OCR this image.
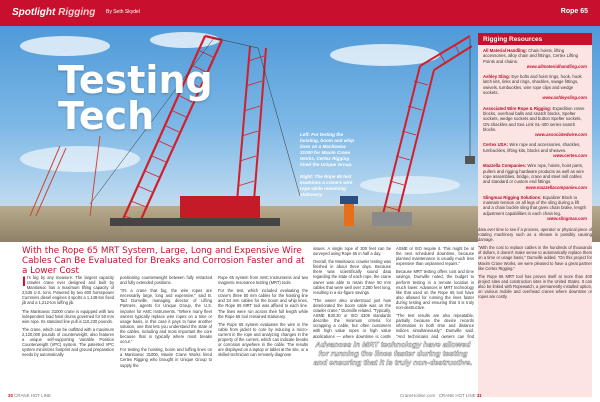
Spotlight Rigging By Seth Skydel	Rope 65
Testing
Tech	Left: For testing the hoisting, boom and whip lines on a Manitowoc 31000 for Maxim Crane Works, Certex Rigging hired the Unique Group.

Right: The Rope 65 test examines a crane's wire rope while remaining stationary.

Rigging Resources
All Material Handling: Chain hoists, lifting accessories, alloy chain and fittings, Certex Lifting Points and chains.
www.allmaterialhandling.com
Ashley Sling: Eye bolts and hoist rings, hook, hook latch kits, links and rings, shackles, swage fittings, swivels, turnbuckles, wire rope clips and wedge sockets.
www.ashleysling.com
Associated Wire Rope & Rigging: Expedition crane blocks, overhaul balls and snatch blocks, Spelter sockets, wedge sockets and button Spelter sockets, GN shackles and Sea Link SL-400 series snatch blocks.
www.associatedwire.com
Certex USA: Wire rope and accessories, shackles, turnbuckles, lifting kits, blocks and sheaves.
www.certex.com
Mazzella Companies: Wire rope, hoists, hoist parts, pullers and rigging hardware products as well as wire rope assemblies, bridge, crane and steel mill cables and standard or custom end fittings.
www.mazzellacompanies.com
Slingmax Rigging Solutions: Equalizer Block to maintain tension on all legs of the sling during a lift and a chain buckle sling that gives chain brake, length adjustment capabilities in each chain leg.
www.slingmax.com
With the Rope 65 MRT System, Large, Long and Expensive Wire Cables Can Be Evaluated for Breaks and Corrosion Faster and at a Lower Cost
I t's big by any measure. The largest capacity crawler crane ever designed and built by Manitowoc has a maximum lifting capacity of 2,535 U.S. tons. Powered by two 600 horsepower Cummins diesel engines it sports a 1,148-ton fixed jib and a 1,212-ton luffing jib.

The Manitowoc 31000 crane is equipped with two independent load hoist drums governed for 50 mm wire rope. Its standard line pull is 110,230 pounds.

The crane, which can be outfitted with a maximum 2,120,000 pounds of counterweight, also features a unique self-supporting Variable Position Counterweight (VPC) system. The patented VPC system minimizes footprint and ground preparation needs by automatically

positioning counterweight between fully retracted and fully extended positions.

"It's a crane that big, the wire ropes are necessarily large, long and expensive," said B. Tad Dumville, managing director of Lifting Partners, agents for Unique Group, the U.S. importer for AMC Instruments. "Where many fleet owners typically replace wire ropes on a time or usage basis, in this case it pays to have another solution, one that lets you understand the state of the cables, including and most important the core because that is typically where most breaks occur."

For testing the hoisting, boom and luffing lines on a Manitowoc 31000, Maxim Crane Works hired Certex Rigging who brought in Unique Group to supply the

Rope 65 system from AMC Instruments and two magnetic resonance testing (MRT) tools.

For the test, which included evaluating the crane's three 50 mm cables for the hoisting line and 34 mm cables for the boom and whip lines, the Rope 65 MRT tool was affixed to each line. The lines were run across their full length while the Rope 65 tool remained stationary.

The Rope 65 system evaluates the wire in the cable from jacket to core by inducing a micro-current in the rope and analyzing changes in the property of the current, which can indicate breaks or corrosion anywhere in the cable. The results are displayed on a laptop or tablet at the site, or a skilled technician can remotely diagnose

issues. A single rope of 300 feet can be surveyed using Rope 65 in half a day.

Overall, the Manitowoc crawler testing was finished in about three days. Because there was scientifically sound data regarding the state of each rope, the crane owner was able to retain three 50 mm cables that were well over 3,280 feet long, resulting in a six-figure savings.

"The owner also understood just how deteriorated the boom cable was on the crawler crane," Dumville related. "Typically, ASME B30.30 or ISO 4309 standards describe the minimum criteria for scrapping a cable, but often customers with high value ropes or high value applications — where downtime is costly

ASME or ISO require it. This might be at the next scheduled downtime, because planned maintenance is usually much less expensive than unplanned repairs."

Because MRT testing offers cost and time savings, Dumville noted, the budget to perform testing in a remote location is much lower. Advances in MRT technology like that used on the Rope 65 tool have also allowed for running the lines faster during testing and ensuring that it is truly non-destructive.

"The test results are also repeatable, partially because the device records information in both time and distance indices simultaneously," Dumville said. "And technicians and owners can find

Advances in MRT technology have allowed for running the lines faster during testing and ensuring that it is truly non-destructive.

data over time to see if a process, operator or physical piece of rotating machinery such as a sheave is possibly causing damage.

"With the cost to replace cables in the hundreds of thousands of dollars, it doesn't make sense to automatically replace them on a time or usage basis," Dumville added. "On this project for Maxim Crane Works, we were pleased to have a great partner like Certex Rigging."

The Rope 65 MRT tool has proven itself at more than 400 project sites and construction sites in the United States. It can also be linked with Ropewatch, a permanently installed option, on various mobile and overhead cranes where downtime or ropes are costly.

30 CRANE HOT LINE	CraneHotline.com CRANE HOT LINE 31
